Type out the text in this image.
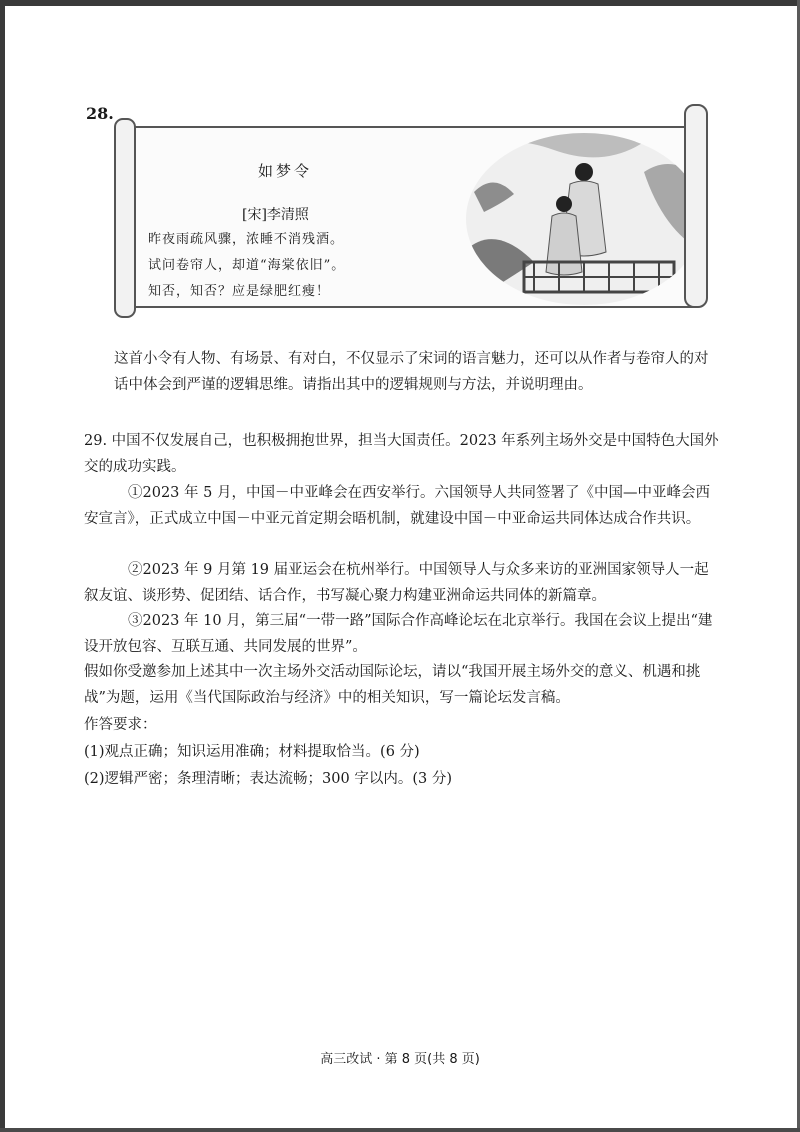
28.
如梦令
[宋]李清照
昨夜雨疏风骤，浓睡不消残酒。
试问卷帘人，却道“海棠依旧”。
知否，知否？应是绿肥红瘦！
这首小令有人物、有场景、有对白，不仅显示了宋词的语言魅力，还可以从作者与卷帘人的对话中体会到严谨的逻辑思维。请指出其中的逻辑规则与方法，并说明理由。
29. 中国不仅发展自己，也积极拥抱世界，担当大国责任。2023 年系列主场外交是中国特色大国外交的成功实践。
①2023 年 5 月，中国－中亚峰会在西安举行。六国领导人共同签署了《中国—中亚峰会西安宣言》，正式成立中国－中亚元首定期会晤机制，就建设中国－中亚命运共同体达成合作共识。
②2023 年 9 月第 19 届亚运会在杭州举行。中国领导人与众多来访的亚洲国家领导人一起叙友谊、谈形势、促团结、话合作，书写凝心聚力构建亚洲命运共同体的新篇章。
③2023 年 10 月，第三届“一带一路”国际合作高峰论坛在北京举行。我国在会议上提出“建设开放包容、互联互通、共同发展的世界”。
假如你受邀参加上述其中一次主场外交活动国际论坛，请以“我国开展主场外交的意义、机遇和挑战”为题，运用《当代国际政治与经济》中的相关知识，写一篇论坛发言稿。
作答要求：
(1)观点正确；知识运用准确；材料提取恰当。(6 分)
(2)逻辑严密；条理清晰；表达流畅；300 字以内。(3 分)
高三改试 · 第 8 页(共 8 页)
